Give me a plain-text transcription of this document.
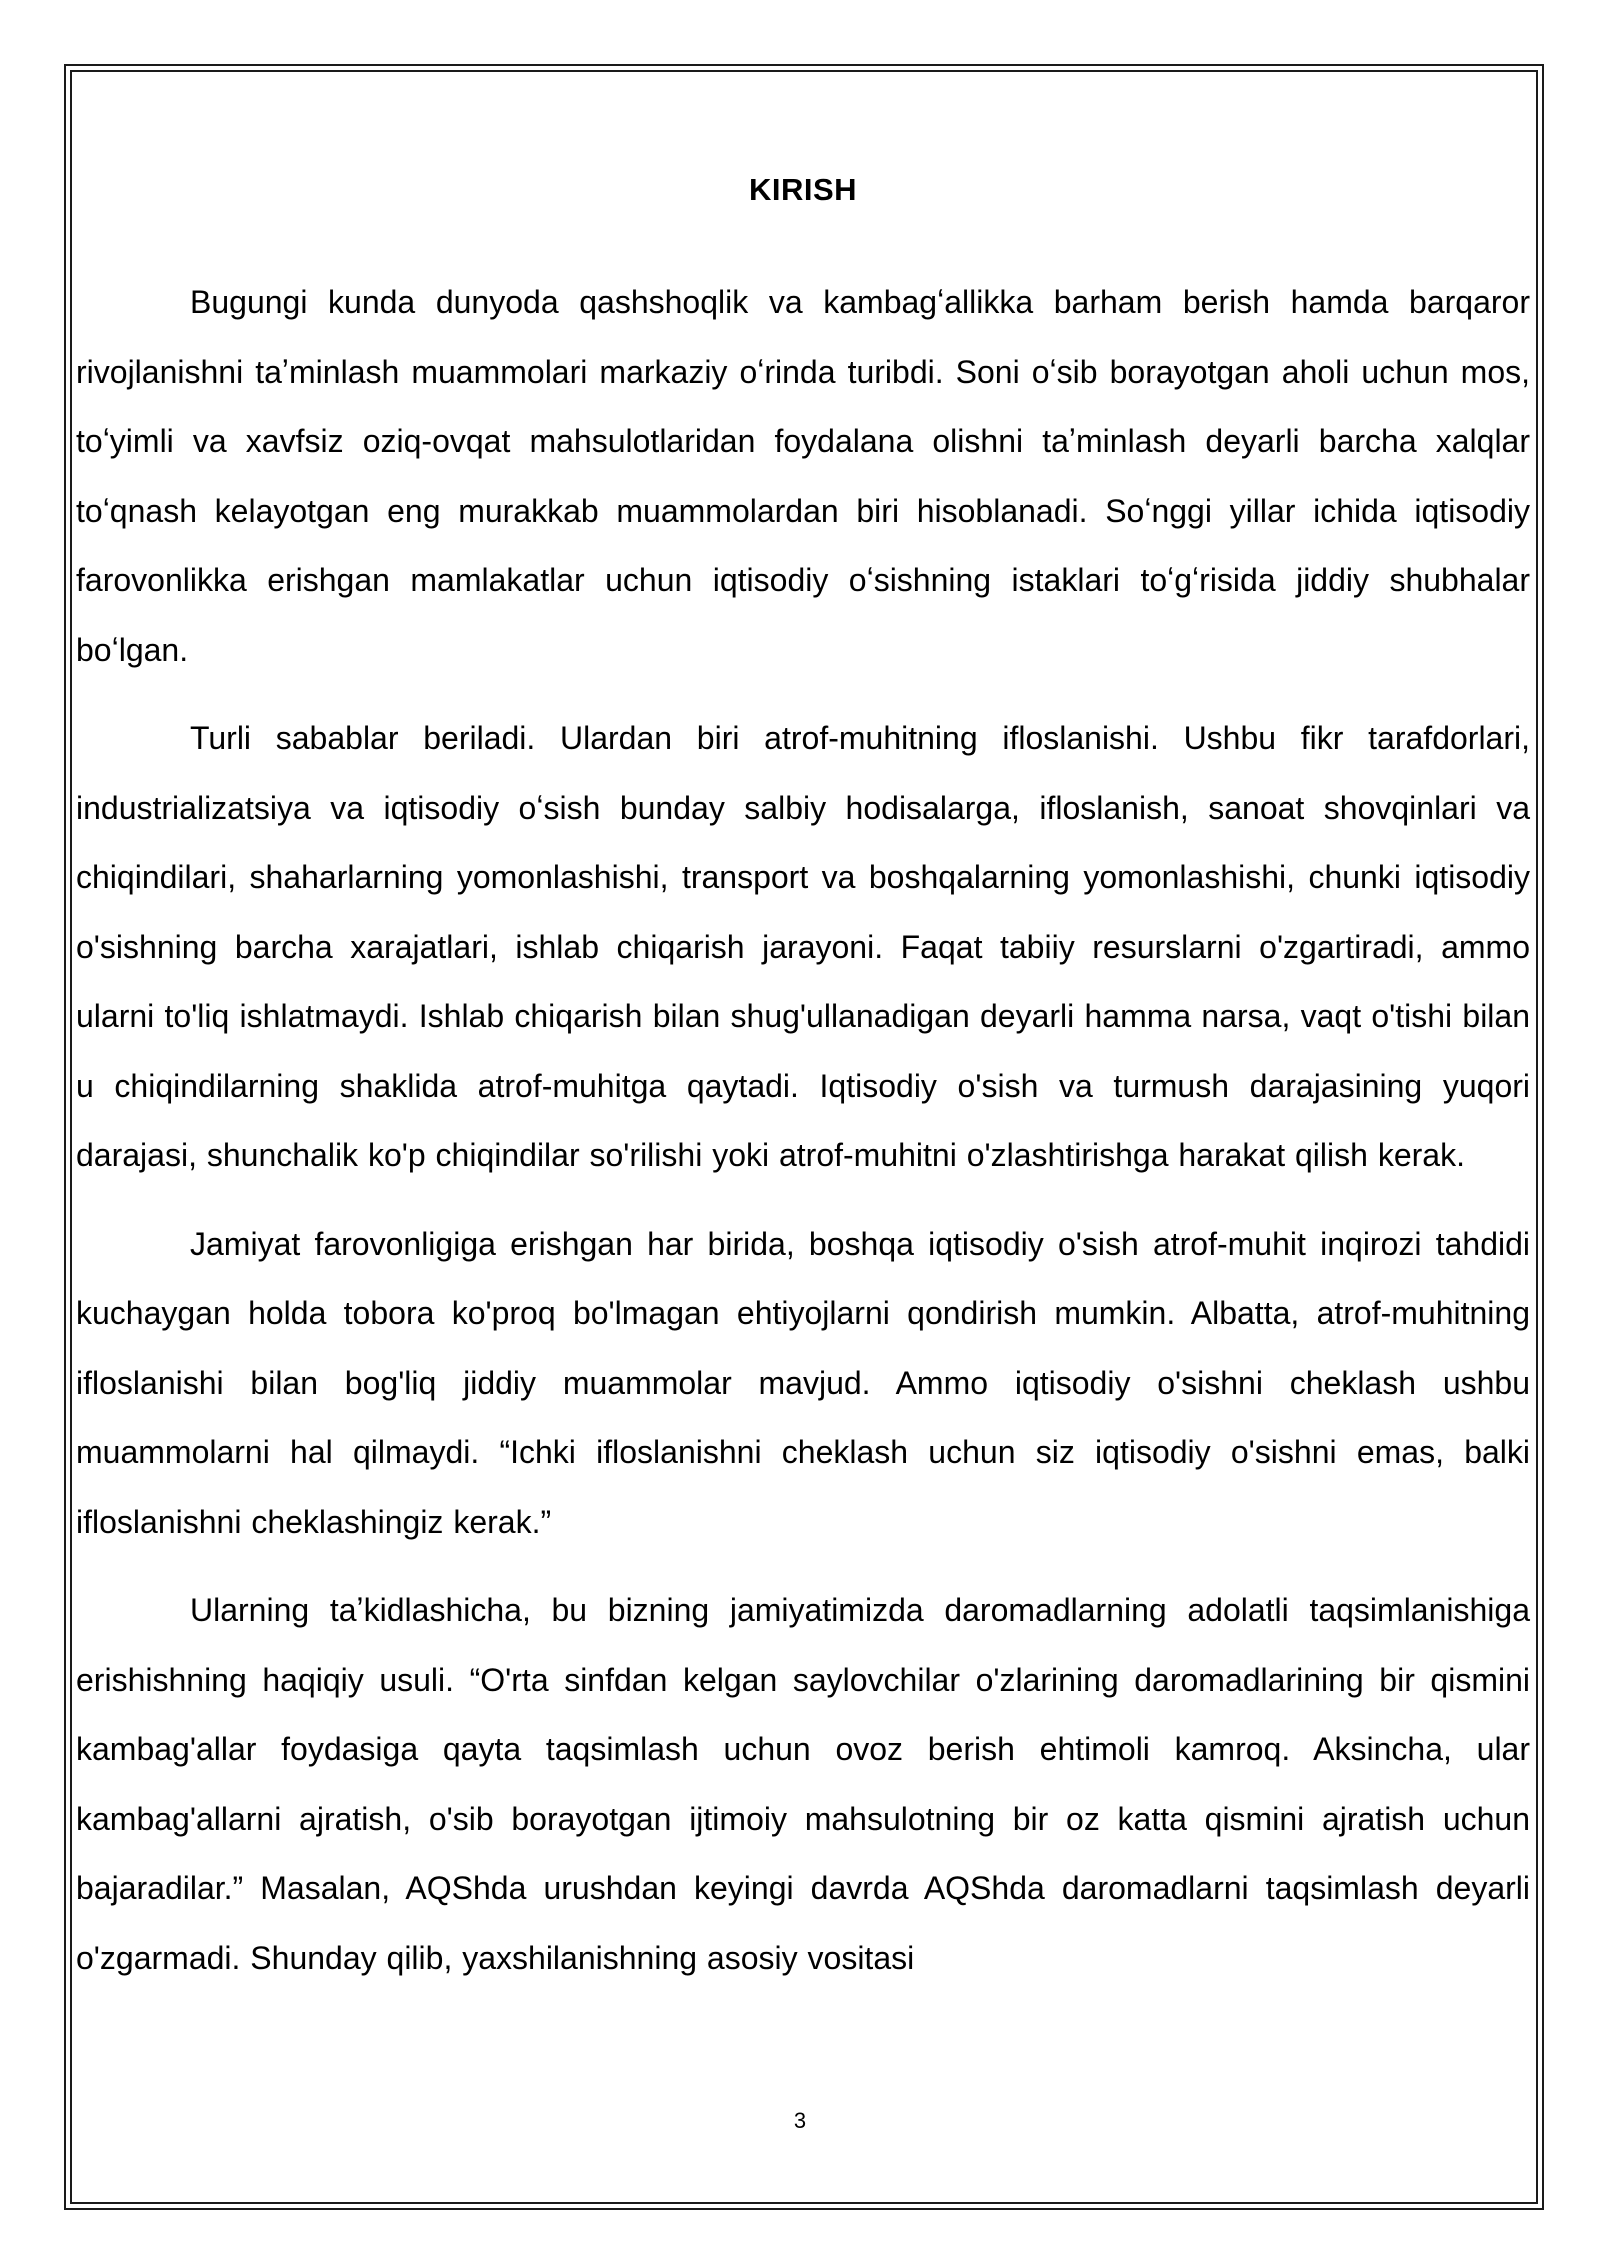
KIRISH

Bugungi kunda dunyoda qashshoqlik va kambagʻallikka barham berish hamda barqaror rivojlanishni taʼminlash muammolari markaziy oʻrinda turibdi. Soni oʻsib borayotgan aholi uchun mos, toʻyimli va xavfsiz oziq-ovqat mahsulotlaridan foydalana olishni taʼminlash deyarli barcha xalqlar toʻqnash kelayotgan eng murakkab muammolardan biri hisoblanadi. Soʻnggi yillar ichida iqtisodiy farovonlikka erishgan mamlakatlar uchun iqtisodiy oʻsishning istaklari toʻgʻrisida jiddiy shubhalar boʻlgan.

Turli sabablar beriladi. Ulardan biri atrof-muhitning ifloslanishi. Ushbu fikr tarafdorlari, industrializatsiya va iqtisodiy oʻsish bunday salbiy hodisalarga, ifloslanish, sanoat shovqinlari va chiqindilari, shaharlarning yomonlashishi, transport va boshqalarning yomonlashishi, chunki iqtisodiy o'sishning barcha xarajatlari, ishlab chiqarish jarayoni. Faqat tabiiy resurslarni o'zgartiradi, ammo ularni to'liq ishlatmaydi. Ishlab chiqarish bilan shug'ullanadigan deyarli hamma narsa, vaqt o'tishi bilan u chiqindilarning shaklida atrof-muhitga qaytadi. Iqtisodiy o'sish va turmush darajasining yuqori darajasi, shunchalik ko'p chiqindilar so'rilishi yoki atrof-muhitni o'zlashtirishga harakat qilish kerak.

Jamiyat farovonligiga erishgan har birida, boshqa iqtisodiy o'sish atrof-muhit inqirozi tahdidi kuchaygan holda tobora ko'proq bo'lmagan ehtiyojlarni qondirish mumkin. Albatta, atrof-muhitning ifloslanishi bilan bog'liq jiddiy muammolar mavjud. Ammo iqtisodiy o'sishni cheklash ushbu muammolarni hal qilmaydi. “Ichki ifloslanishni cheklash uchun siz iqtisodiy o'sishni emas, balki ifloslanishni cheklashingiz kerak.”

Ularning taʼkidlashicha, bu bizning jamiyatimizda daromadlarning adolatli taqsimlanishiga erishishning haqiqiy usuli. “O'rta sinfdan kelgan saylovchilar o'zlarining daromadlarining bir qismini kambag'allar foydasiga qayta taqsimlash uchun ovoz berish ehtimoli kamroq. Aksincha, ular kambag'allarni ajratish, o'sib borayotgan ijtimoiy mahsulotning bir oz katta qismini ajratish uchun bajaradilar.” Masalan, AQShda urushdan keyingi davrda AQShda daromadlarni taqsimlash deyarli o'zgarmadi. Shunday qilib, yaxshilanishning asosiy vositasi

3
